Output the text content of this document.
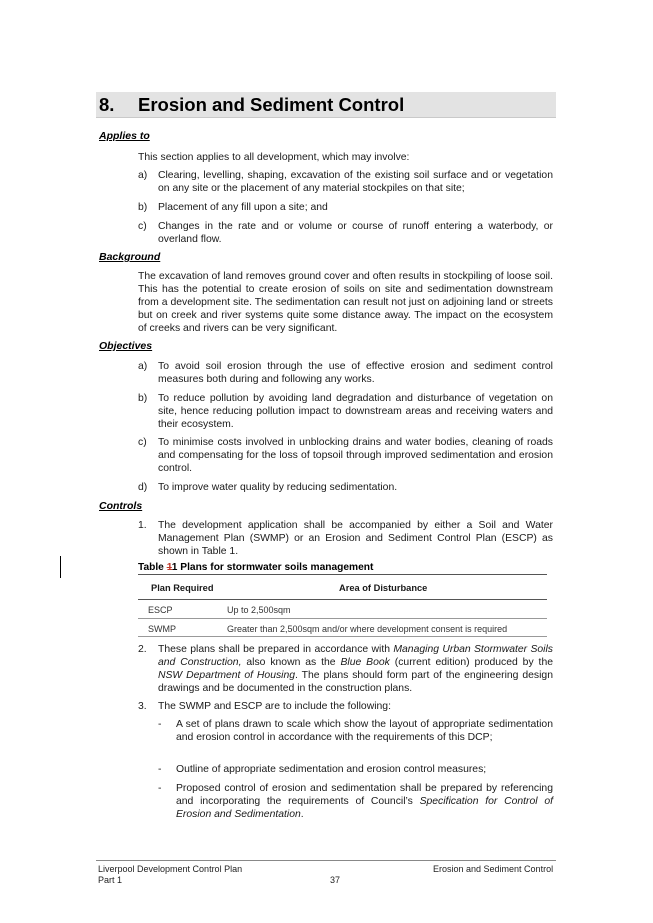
8. Erosion and Sediment Control
Applies to
This section applies to all development, which may involve:
a) Clearing, levelling, shaping, excavation of the existing soil surface and or vegetation on any site or the placement of any material stockpiles on that site;
b) Placement of any fill upon a site; and
c) Changes in the rate and or volume or course of runoff entering a waterbody, or overland flow.
Background
The excavation of land removes ground cover and often results in stockpiling of loose soil. This has the potential to create erosion of soils on site and sedimentation downstream from a development site. The sedimentation can result not just on adjoining land or streets but on creek and river systems quite some distance away. The impact on the ecosystem of creeks and rivers can be very significant.
Objectives
a) To avoid soil erosion through the use of effective erosion and sediment control measures both during and following any works.
b) To reduce pollution by avoiding land degradation and disturbance of vegetation on site, hence reducing pollution impact to downstream areas and receiving waters and their ecosystem.
c) To minimise costs involved in unblocking drains and water bodies, cleaning of roads and compensating for the loss of topsoil through improved sedimentation and erosion control.
d) To improve water quality by reducing sedimentation.
Controls
1. The development application shall be accompanied by either a Soil and Water Management Plan (SWMP) or an Erosion and Sediment Control Plan (ESCP) as shown in Table 1.
Table 11 Plans for stormwater soils management
Plan Required	Area of Disturbance
ESCP	Up to 2,500sqm
SWMP	Greater than 2,500sqm and/or where development consent is required
2. These plans shall be prepared in accordance with Managing Urban Stormwater Soils and Construction, also known as the Blue Book (current edition) produced by the NSW Department of Housing. The plans should form part of the engineering design drawings and be documented in the construction plans.
3. The SWMP and ESCP are to include the following:
- A set of plans drawn to scale which show the layout of appropriate sedimentation and erosion control in accordance with the requirements of this DCP;
- Outline of appropriate sedimentation and erosion control measures;
- Proposed control of erosion and sedimentation shall be prepared by referencing and incorporating the requirements of Council’s Specification for Control of Erosion and Sedimentation.
Liverpool Development Control Plan
Part 1	37
Erosion and Sediment Control
